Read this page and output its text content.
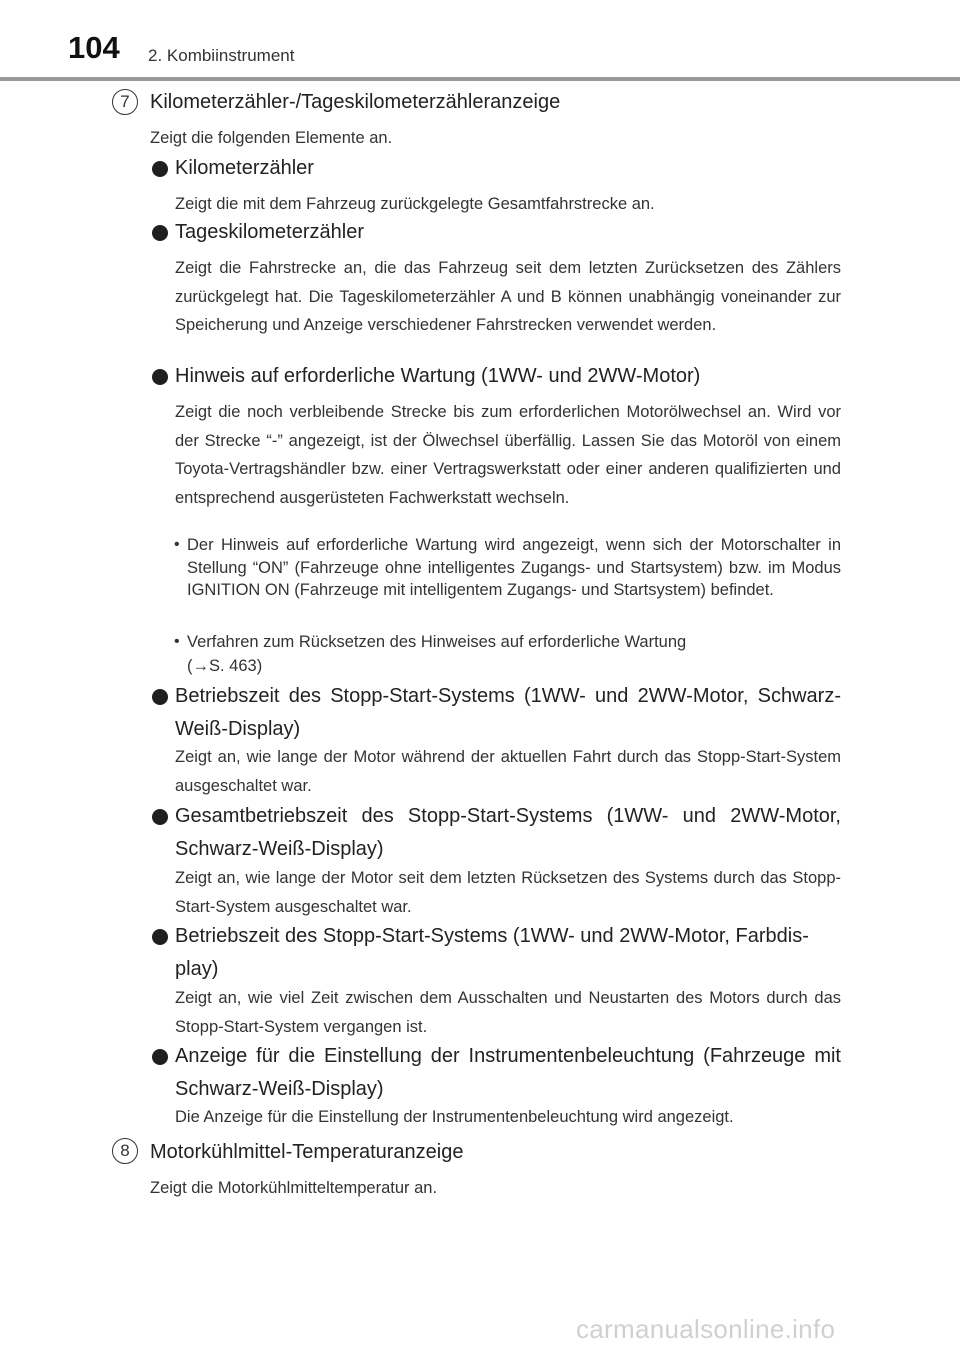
104 2. Kombiinstrument
7	Kilometerzähler-/Tageskilometerzähleranzeige
Zeigt die folgenden Elemente an.
Kilometerzähler
Zeigt die mit dem Fahrzeug zurückgelegte Gesamtfahrstrecke an.
Tageskilometerzähler
Zeigt die Fahrstrecke an, die das Fahrzeug seit dem letzten Zurücksetzen des Zählers zurückgelegt hat. Die Tageskilometerzähler A und B können unabhängig voneinander zur Speicherung und Anzeige verschiedener Fahrstrecken verwendet werden.
Hinweis auf erforderliche Wartung (1WW- und 2WW-Motor)
Zeigt die noch verbleibende Strecke bis zum erforderlichen Motorölwechsel an. Wird vor der Strecke “-” angezeigt, ist der Ölwechsel überfällig. Lassen Sie das Motoröl von einem Toyota-Vertragshändler bzw. einer Vertragswerkstatt oder einer anderen qualifizierten und entsprechend ausgerüsteten Fachwerkstatt wechseln.
• Der Hinweis auf erforderliche Wartung wird angezeigt, wenn sich der Motorschalter in Stellung “ON” (Fahrzeuge ohne intelligentes Zugangs- und Startsystem) bzw. im Modus IGNITION ON (Fahrzeuge mit intelligentem Zugangs- und Startsystem) befindet.
• Verfahren zum Rücksetzen des Hinweises auf erforderliche Wartung
(→S. 463)
Betriebszeit des Stopp-Start-Systems (1WW- und 2WW-Motor, Schwarz-Weiß-Display)
Zeigt an, wie lange der Motor während der aktuellen Fahrt durch das Stopp-Start-System ausgeschaltet war.
Gesamtbetriebszeit des Stopp-Start-Systems (1WW- und 2WW-Motor, Schwarz-Weiß-Display)
Zeigt an, wie lange der Motor seit dem letzten Rücksetzen des Systems durch das Stopp-Start-System ausgeschaltet war.
Betriebszeit des Stopp-Start-Systems (1WW- und 2WW-Motor, Farbdis-
play)
Zeigt an, wie viel Zeit zwischen dem Ausschalten und Neustarten des Motors durch das Stopp-Start-System vergangen ist.
Anzeige für die Einstellung der Instrumentenbeleuchtung (Fahrzeuge mit Schwarz-Weiß-Display)
Die Anzeige für die Einstellung der Instrumentenbeleuchtung wird angezeigt.
8	Motorkühlmittel-Temperaturanzeige
Zeigt die Motorkühlmitteltemperatur an.
carmanualsonline.info
